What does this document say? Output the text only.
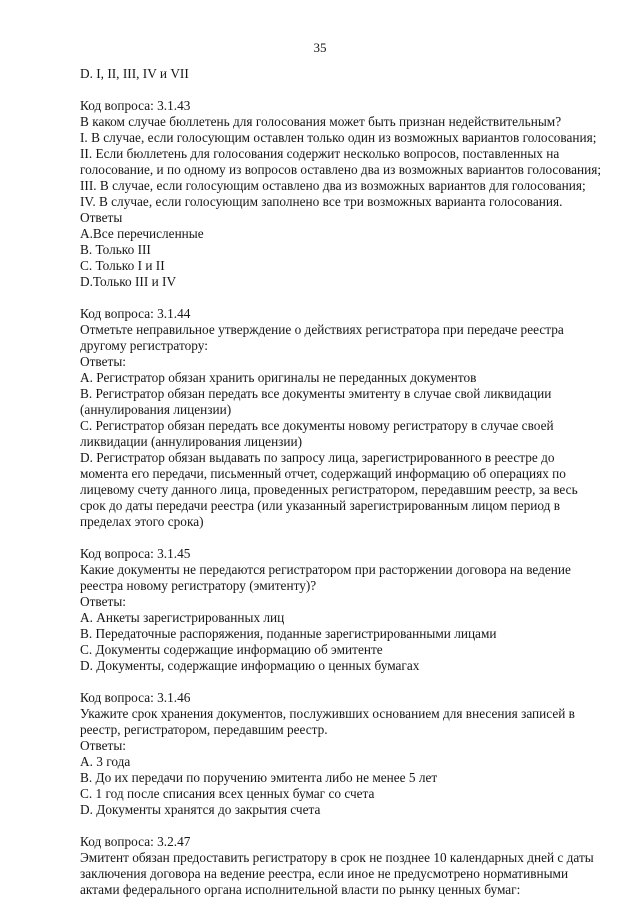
35
D. I, II, III, IV и VII
Код вопроса: 3.1.43
В каком случае бюллетень для голосования может быть признан недействительным?
I. В случае, если голосующим оставлен только один из возможных вариантов голосования;
II. Если бюллетень для голосования содержит несколько вопросов, поставленных на
голосование, и по одному из вопросов оставлено два из возможных вариантов голосования;
III. В случае, если голосующим оставлено два из возможных вариантов для голосования;
IV. В случае, если голосующим заполнено все три возможных варианта голосования.
Ответы
A.Все перечисленные
B. Только III
C. Только I и II
D.Только III и IV
Код вопроса: 3.1.44
Отметьте неправильное утверждение о действиях регистратора при передаче реестра
другому регистратору:
Ответы:
A. Регистратор обязан хранить оригиналы не переданных документов
B. Регистратор обязан передать все документы эмитенту в случае свой ликвидации
(аннулирования лицензии)
C. Регистратор обязан передать все документы новому регистратору в случае своей
ликвидации (аннулирования лицензии)
D. Регистратор обязан выдавать по запросу лица, зарегистрированного в реестре до
момента его передачи, письменный отчет, содержащий информацию об операциях по
лицевому счету данного лица, проведенных регистратором, передавшим реестр, за весь
срок до даты передачи реестра (или указанный зарегистрированным лицом период в
пределах этого срока)
Код вопроса: 3.1.45
Какие документы не передаются регистратором при расторжении договора на ведение
реестра новому регистратору (эмитенту)?
Ответы:
A. Анкеты зарегистрированных лиц
B. Передаточные распоряжения, поданные зарегистрированными лицами
C. Документы содержащие информацию об эмитенте
D. Документы, содержащие информацию о ценных бумагах
Код вопроса: 3.1.46
Укажите срок хранения документов, послуживших основанием для внесения записей в
реестр, регистратором, передавшим реестр.
Ответы:
A. 3 года
B. До их передачи по поручению эмитента либо не менее 5 лет
C. 1 год после списания всех ценных бумаг со счета
D. Документы хранятся до закрытия счета
Код вопроса: 3.2.47
Эмитент обязан предоставить регистратору в срок не позднее 10 календарных дней с даты
заключения договора на ведение реестра, если иное не предусмотрено нормативными
актами федерального органа исполнительной власти по рынку ценных бумаг:
